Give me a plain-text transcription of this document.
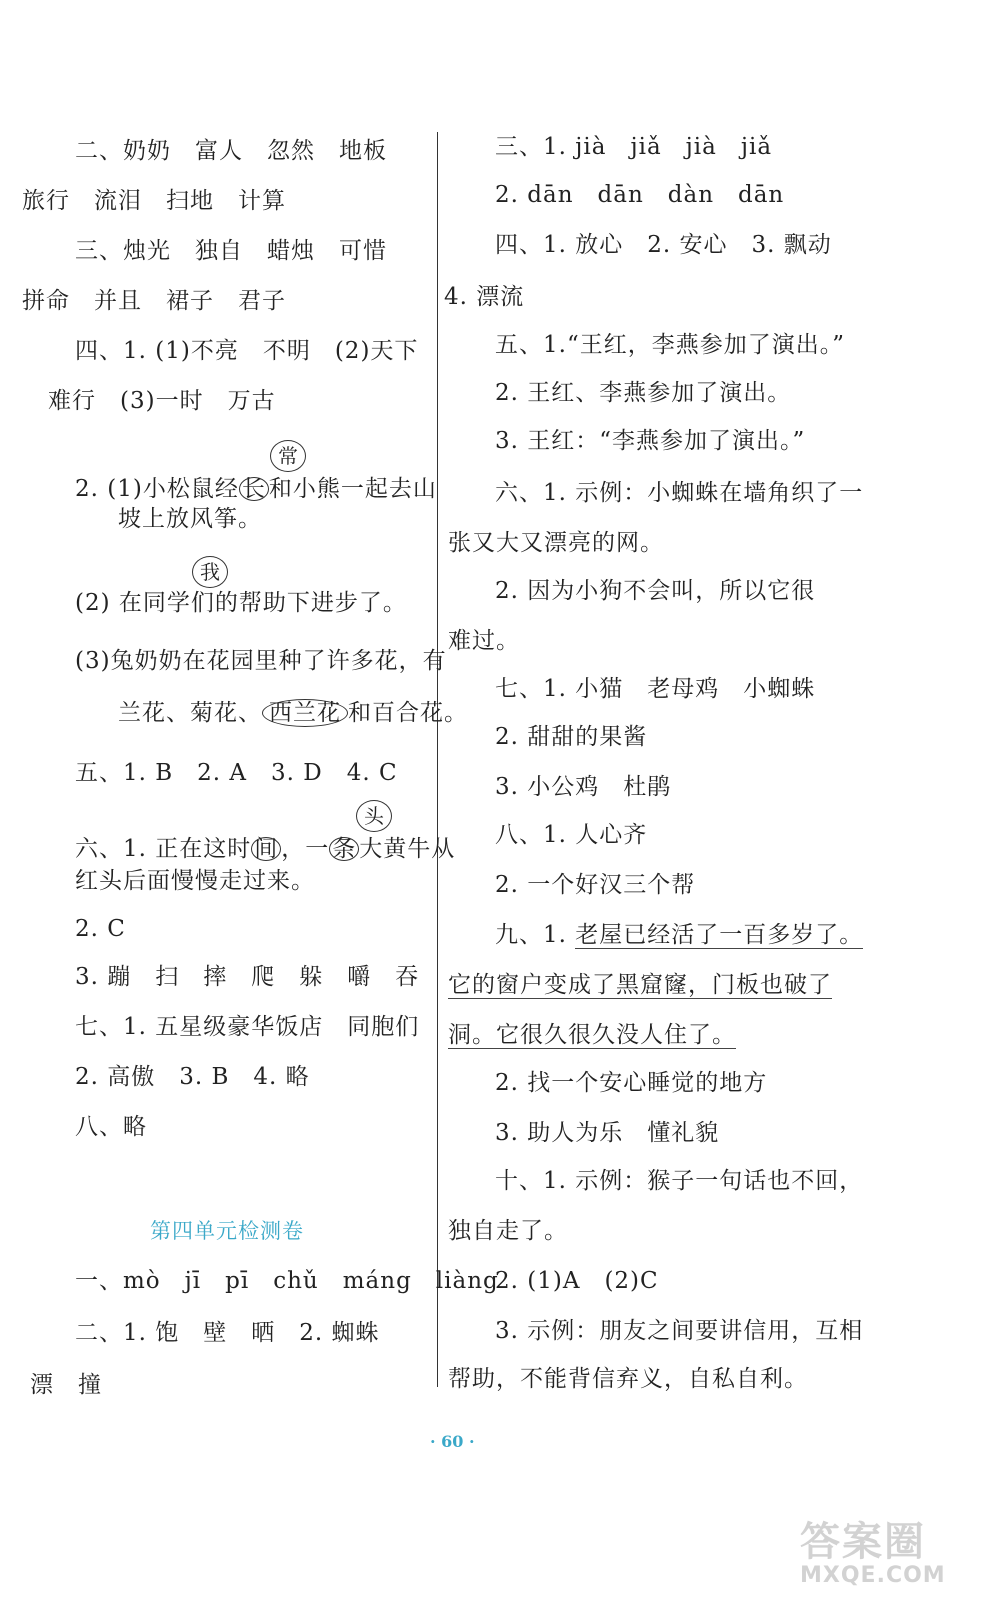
二、奶奶　富人　忽然　地板
旅行　流泪　扫地　计算
三、烛光　独自　蜡烛　可惜
拼命　并且　裙子　君子
四、1. (1)不亮　不明　(2)天下
难行　(3)一时　万古
常
2. (1)小松鼠经 长 和小熊一起去山
坡上放风筝。
我
(2) 在同学们的帮助下进步了。
(3)兔奶奶在花园里种了许多花，有
兰花、菊花、 西兰花 和百合花。
五、1. B　2. A　3. D　4. C
头
六、1. 正在这时 间 ，一 条 大黄牛从
红头后面慢慢走过来。
2. C
3. 蹦　扫　摔　爬　躲　嚼　吞
七、1. 五星级豪华饭店　同胞们
2. 高傲　3. B　4. 略
八、略
第四单元检测卷
一、mò　jī　pī　chǔ　máng　liàng
二、1. 饱　壁　晒　2. 蜘蛛
漂　撞
三、1. jià　jiǎ　jià　jiǎ
2. dān　dān　dàn　dān
四、1. 放心　2. 安心　3. 飘动
4. 漂流
五、1.“王红，李燕参加了演出。”
2. 王红、李燕参加了演出。
3. 王红：“李燕参加了演出。”
六、1. 示例：小蜘蛛在墙角织了一
张又大又漂亮的网。
2. 因为小狗不会叫，所以它很
难过。
七、1. 小猫　老母鸡　小蜘蛛
2. 甜甜的果酱
3. 小公鸡　杜鹃
八、1. 人心齐
2. 一个好汉三个帮
九、1. 老屋已经活了一百多岁了。
它的窗户变成了黑窟窿，门板也破了
洞。它很久很久没人住了。
2. 找一个安心睡觉的地方
3. 助人为乐　懂礼貌
十、1. 示例：猴子一句话也不回，
独自走了。
2. (1)A　(2)C
3. 示例：朋友之间要讲信用，互相
帮助，不能背信弃义，自私自利。
· 60 ·
答案圈
MXQE.COM
